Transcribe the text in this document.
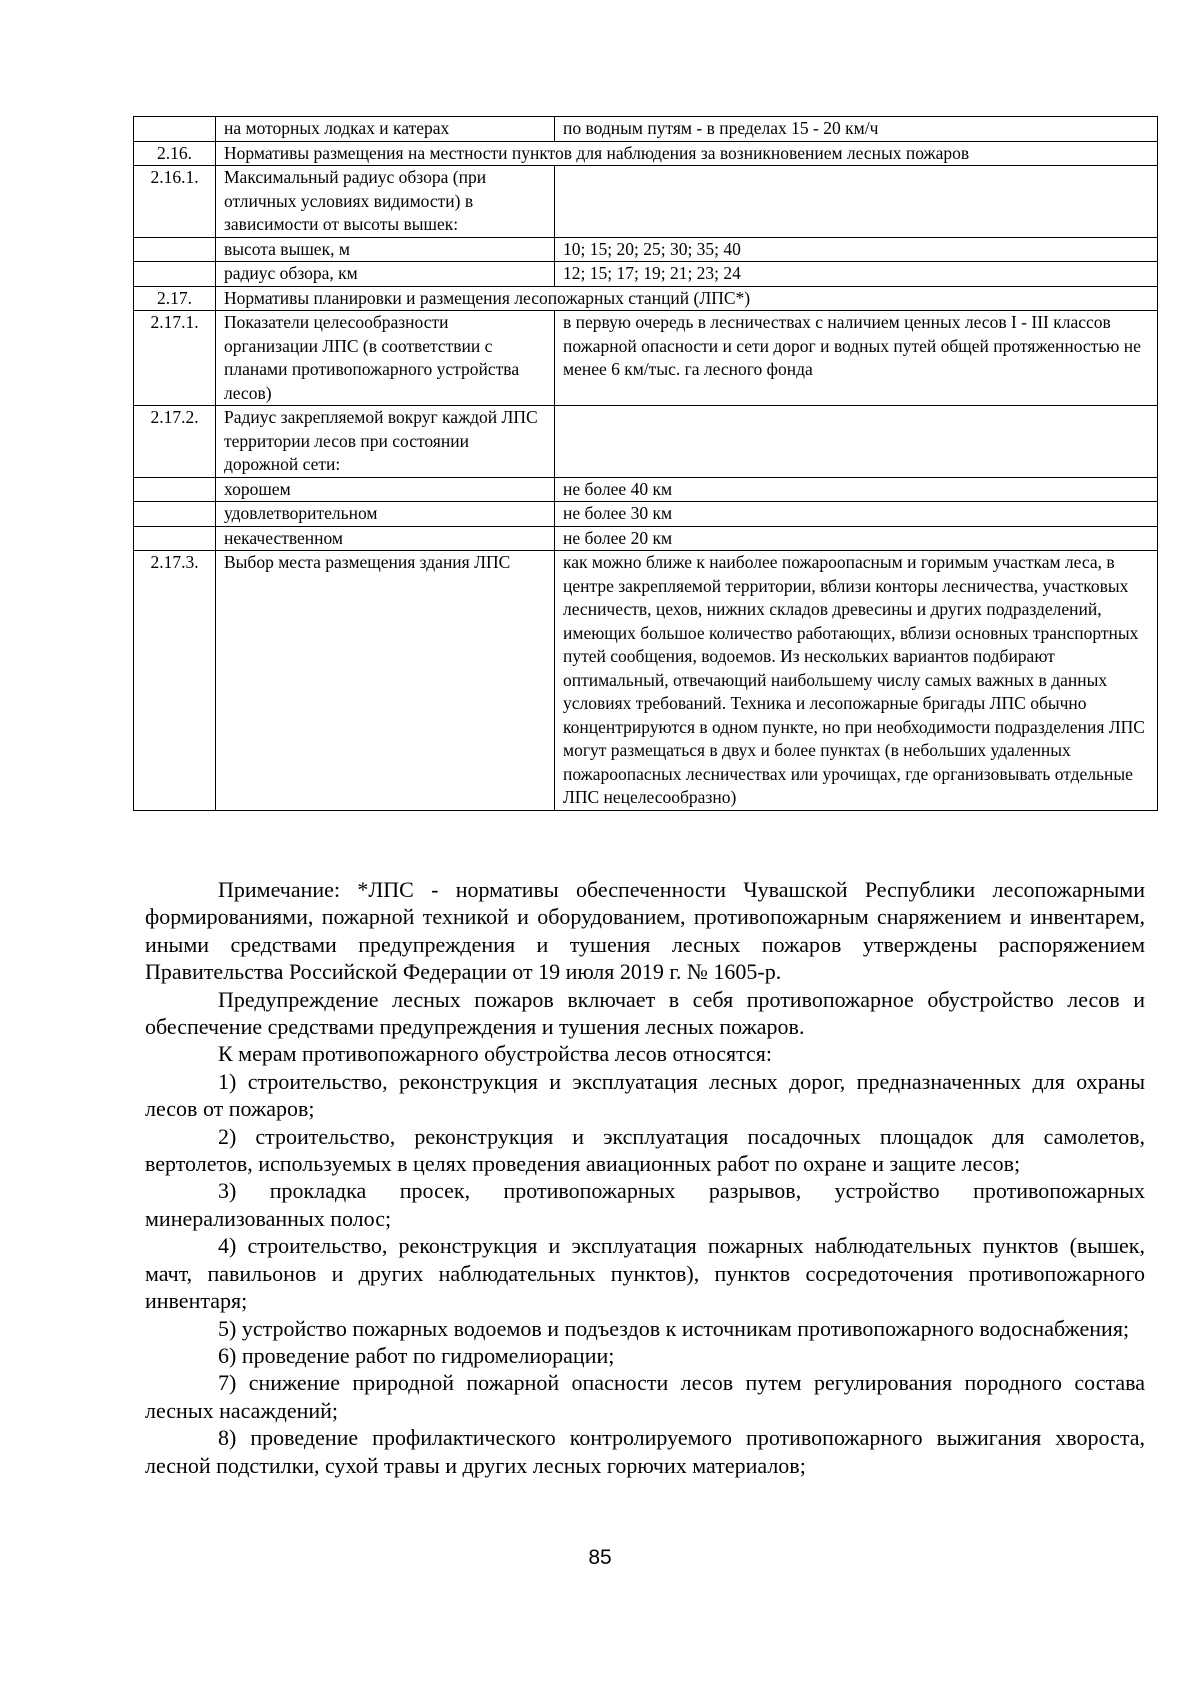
	на моторных лодках и катерах	по водным путям - в пределах 15 - 20 км/ч
2.16.	Нормативы размещения на местности пунктов для наблюдения за возникновением лесных пожаров	
2.16.1.	Максимальный радиус обзора (при отличных условиях видимости) в зависимости от высоты вышек:	
	высота вышек, м	10; 15; 20; 25; 30; 35; 40
	радиус обзора, км	12; 15; 17; 19; 21; 23; 24
2.17.	Нормативы планировки и размещения лесопожарных станций (ЛПС*)	
2.17.1.	Показатели целесообразности организации ЛПС (в соответствии с планами противопожарного устройства лесов)	в первую очередь в лесничествах с наличием ценных лесов I - III классов пожарной опасности и сети дорог и водных путей общей протяженностью не менее 6 км/тыс. га лесного фонда
2.17.2.	Радиус закрепляемой вокруг каждой ЛПС территории лесов при состоянии дорожной сети:	
	хорошем	не более 40 км
	удовлетворительном	не более 30 км
	некачественном	не более 20 км
2.17.3.	Выбор места размещения здания ЛПС	как можно ближе к наиболее пожароопасным и горимым участкам леса, в центре закрепляемой территории, вблизи конторы лесничества, участковых лесничеств, цехов, нижних складов древесины и других подразделений, имеющих большое количество работающих, вблизи основных транспортных путей сообщения, водоемов. Из нескольких вариантов подбирают оптимальный, отвечающий наибольшему числу самых важных в данных условиях требований. Техника и лесопожарные бригады ЛПС обычно концентрируются в одном пункте, но при необходимости подразделения ЛПС могут размещаться в двух и более пунктах (в небольших удаленных пожароопасных лесничествах или урочищах, где организовывать отдельные ЛПС нецелесообразно)

Примечание: *ЛПС - нормативы обеспеченности Чувашской Республики лесопожарными формированиями, пожарной техникой и оборудованием, противопожарным снаряжением и инвентарем, иными средствами предупреждения и тушения лесных пожаров утверждены распоряжением Правительства Российской Федерации от 19 июля 2019 г. № 1605-р.

Предупреждение лесных пожаров включает в себя противопожарное обустройство лесов и обеспечение средствами предупреждения и тушения лесных пожаров.

К мерам противопожарного обустройства лесов относятся:

1) строительство, реконструкция и эксплуатация лесных дорог, предназначенных для охраны лесов от пожаров;

2) строительство, реконструкция и эксплуатация посадочных площадок для самолетов, вертолетов, используемых в целях проведения авиационных работ по охране и защите лесов;

3) прокладка просек, противопожарных разрывов, устройство противопожарных минерализованных полос;

4) строительство, реконструкция и эксплуатация пожарных наблюдательных пунктов (вышек, мачт, павильонов и других наблюдательных пунктов), пунктов сосредоточения противопожарного инвентаря;

5) устройство пожарных водоемов и подъездов к источникам противопожарного водоснабжения;

6) проведение работ по гидромелиорации;

7) снижение природной пожарной опасности лесов путем регулирования породного состава лесных насаждений;

8) проведение профилактического контролируемого противопожарного выжигания хвороста, лесной подстилки, сухой травы и других лесных горючих материалов;

85
